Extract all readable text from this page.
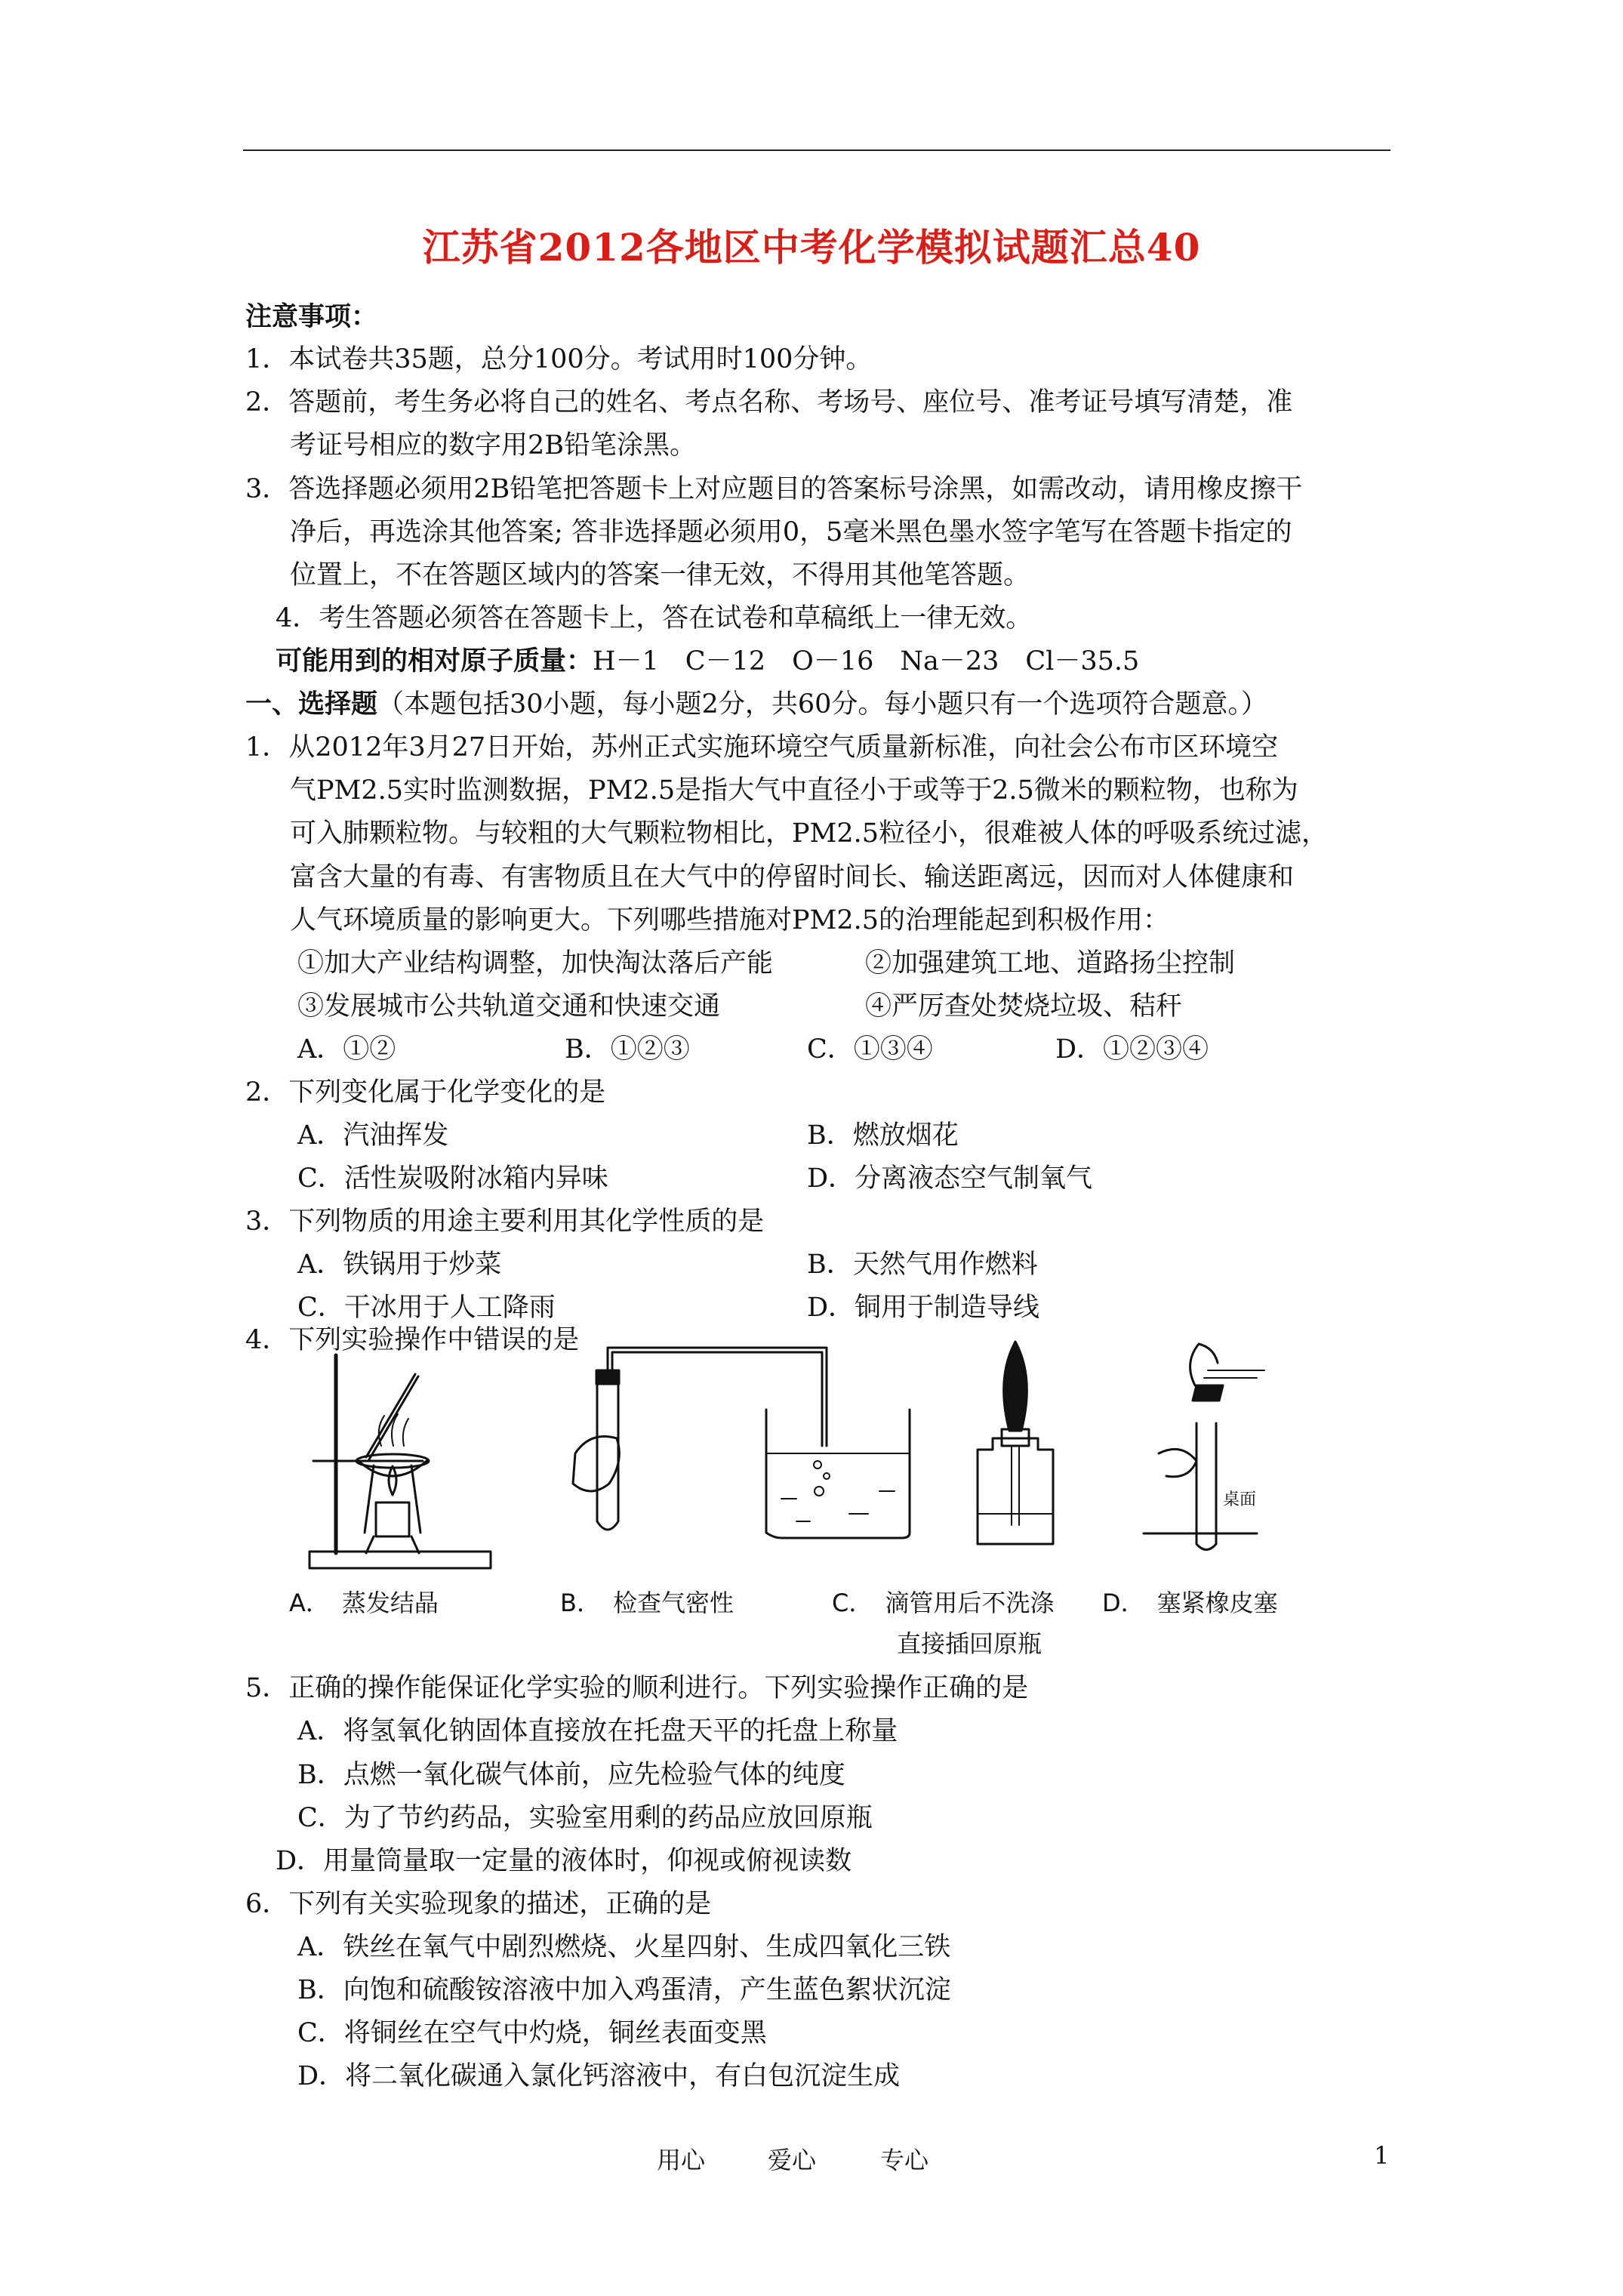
江苏省2012各地区中考化学模拟试题汇总40
注意事项：
1．本试卷共35题，总分100分。考试用时100分钟。
2．答题前，考生务必将自己的姓名、考点名称、考场号、座位号、准考证号填写清楚，准
考证号相应的数字用2B铅笔涂黑。
3．答选择题必须用2B铅笔把答题卡上对应题目的答案标号涂黑，如需改动，请用橡皮擦干
净后，再选涂其他答案; 答非选择题必须用0，5毫米黑色墨水签字笔写在答题卡指定的
位置上，不在答题区域内的答案一律无效，不得用其他笔答题。
4．考生答题必须答在答题卡上，答在试卷和草稿纸上一律无效。
可能用到的相对原子质量：H－1　C－12　O－16　Na－23　Cl－35.5
一、选择题（本题包括30小题，每小题2分，共60分。每小题只有一个选项符合题意。）
1．从2012年3月27日开始，苏州正式实施环境空气质量新标准，向社会公布市区环境空
气PM2.5实时监测数据，PM2.5是指大气中直径小于或等于2.5微米的颗粒物，也称为
可入肺颗粒物。与较粗的大气颗粒物相比，PM2.5粒径小，很难被人体的呼吸系统过滤，
富含大量的有毒、有害物质且在大气中的停留时间长、输送距离远，因而对人体健康和
人气环境质量的影响更大。下列哪些措施对PM2.5的治理能起到积极作用：
①加大产业结构调整，加快淘汰落后产能	②加强建筑工地、道路扬尘控制
③发展城市公共轨道交通和快速交通	④严厉查处焚烧垃圾、秸秆
A．①②	B．①②③	C．①③④	D．①②③④
2．下列变化属于化学变化的是
A．汽油挥发	B．燃放烟花
C．活性炭吸附冰箱内异味	D．分离液态空气制氧气
3．下列物质的用途主要利用其化学性质的是
A．铁锅用于炒菜	B．天然气用作燃料
C．干冰用于人工降雨	D．铜用于制造导线
4．下列实验操作中错误的是
桌面
A．　蒸发结晶	B．　检查气密性	C．　滴管用后不洗涤
直接插回原瓶
D．　塞紧橡皮塞
5．正确的操作能保证化学实验的顺利进行。下列实验操作正确的是
A．将氢氧化钠固体直接放在托盘天平的托盘上称量
B．点燃一氧化碳气体前，应先检验气体的纯度
C．为了节约药品，实验室用剩的药品应放回原瓶
D．用量筒量取一定量的液体时，仰视或俯视读数
6．下列有关实验现象的描述，正确的是
A．铁丝在氧气中剧烈燃烧、火星四射、生成四氧化三铁
B．向饱和硫酸铵溶液中加入鸡蛋清，产生蓝色絮状沉淀
C．将铜丝在空气中灼烧，铜丝表面变黑
D．将二氧化碳通入氯化钙溶液中，有白包沉淀生成
用心	爱心	专心	1
